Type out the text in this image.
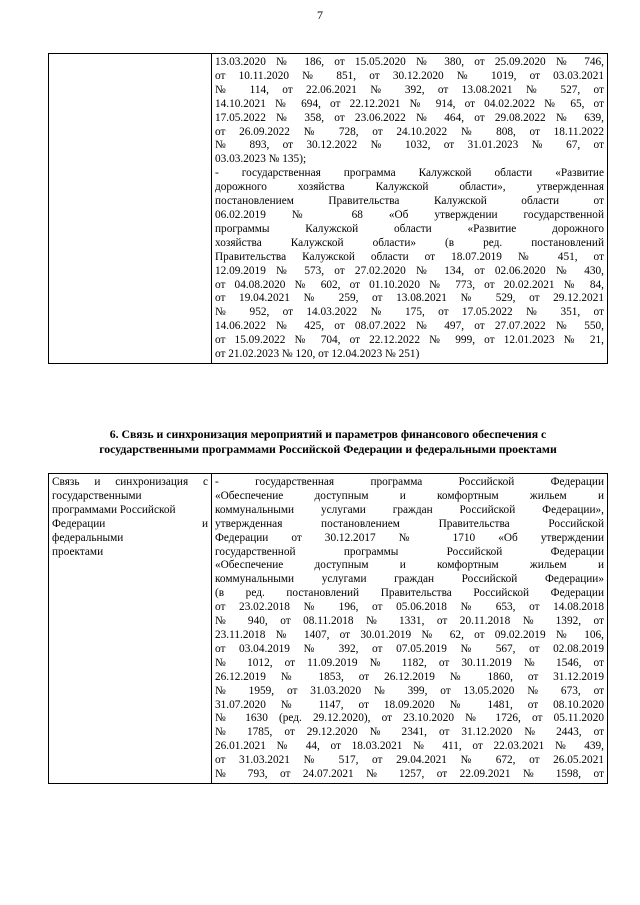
7

13.03.2020 № 186, от 15.05.2020 № 380, от 25.09.2020 № 746,
от 10.11.2020 № 851, от 30.12.2020 № 1019, от 03.03.2021
№ 114, от 22.06.2021 № 392, от 13.08.2021 № 527, от
14.10.2021 № 694, от 22.12.2021 № 914, от 04.02.2022 № 65, от
17.05.2022 № 358, от 23.06.2022 № 464, от 29.08.2022 № 639,
от 26.09.2022 № 728, от 24.10.2022 № 808, от 18.11.2022
№ 893, от 30.12.2022 № 1032, от 31.01.2023 № 67, от
03.03.2023 № 135);
- государственная программа Калужской области «Развитие
дорожного хозяйства Калужской области», утвержденная
постановлением Правительства Калужской области от
06.02.2019 № 68 «Об утверждении государственной
программы Калужской области «Развитие дорожного
хозяйства Калужской области» (в ред. постановлений
Правительства Калужской области от 18.07.2019 № 451, от
12.09.2019 № 573, от 27.02.2020 № 134, от 02.06.2020 № 430,
от 04.08.2020 № 602, от 01.10.2020 № 773, от 20.02.2021 № 84,
от 19.04.2021 № 259, от 13.08.2021 № 529, от 29.12.2021
№ 952, от 14.03.2022 № 175, от 17.05.2022 № 351, от
14.06.2022 № 425, от 08.07.2022 № 497, от 27.07.2022 № 550,
от 15.09.2022 № 704, от 22.12.2022 № 999, от 12.01.2023 № 21,
от 21.02.2023 № 120, от 12.04.2023 № 251)
6. Связь и синхронизация мероприятий и параметров финансового обеспечения с
государственными программами Российской Федерации и федеральными проектами
Связь и синхронизация с
государственными
программами Российской
Федерации и
федеральными
проектами

- государственная программа Российской Федерации
«Обеспечение доступным и комфортным жильем и
коммунальными услугами граждан Российской Федерации»,
утвержденная постановлением Правительства Российской
Федерации от 30.12.2017 № 1710 «Об утверждении
государственной программы Российской Федерации
«Обеспечение доступным и комфортным жильем и
коммунальными услугами граждан Российской Федерации»
(в ред. постановлений Правительства Российской Федерации
от 23.02.2018 № 196, от 05.06.2018 № 653, от 14.08.2018
№ 940, от 08.11.2018 № 1331, от 20.11.2018 № 1392, от
23.11.2018 № 1407, от 30.01.2019 № 62, от 09.02.2019 № 106,
от 03.04.2019 № 392, от 07.05.2019 № 567, от 02.08.2019
№ 1012, от 11.09.2019 № 1182, от 30.11.2019 № 1546, от
26.12.2019 № 1853, от 26.12.2019 № 1860, от 31.12.2019
№ 1959, от 31.03.2020 № 399, от 13.05.2020 № 673, от
31.07.2020 № 1147, от 18.09.2020 № 1481, от 08.10.2020
№ 1630 (ред. 29.12.2020), от 23.10.2020 № 1726, от 05.11.2020
№ 1785, от 29.12.2020 № 2341, от 31.12.2020 № 2443, от
26.01.2021 № 44, от 18.03.2021 № 411, от 22.03.2021 № 439,
от 31.03.2021 № 517, от 29.04.2021 № 672, от 26.05.2021
№ 793, от 24.07.2021 № 1257, от 22.09.2021 № 1598, от
